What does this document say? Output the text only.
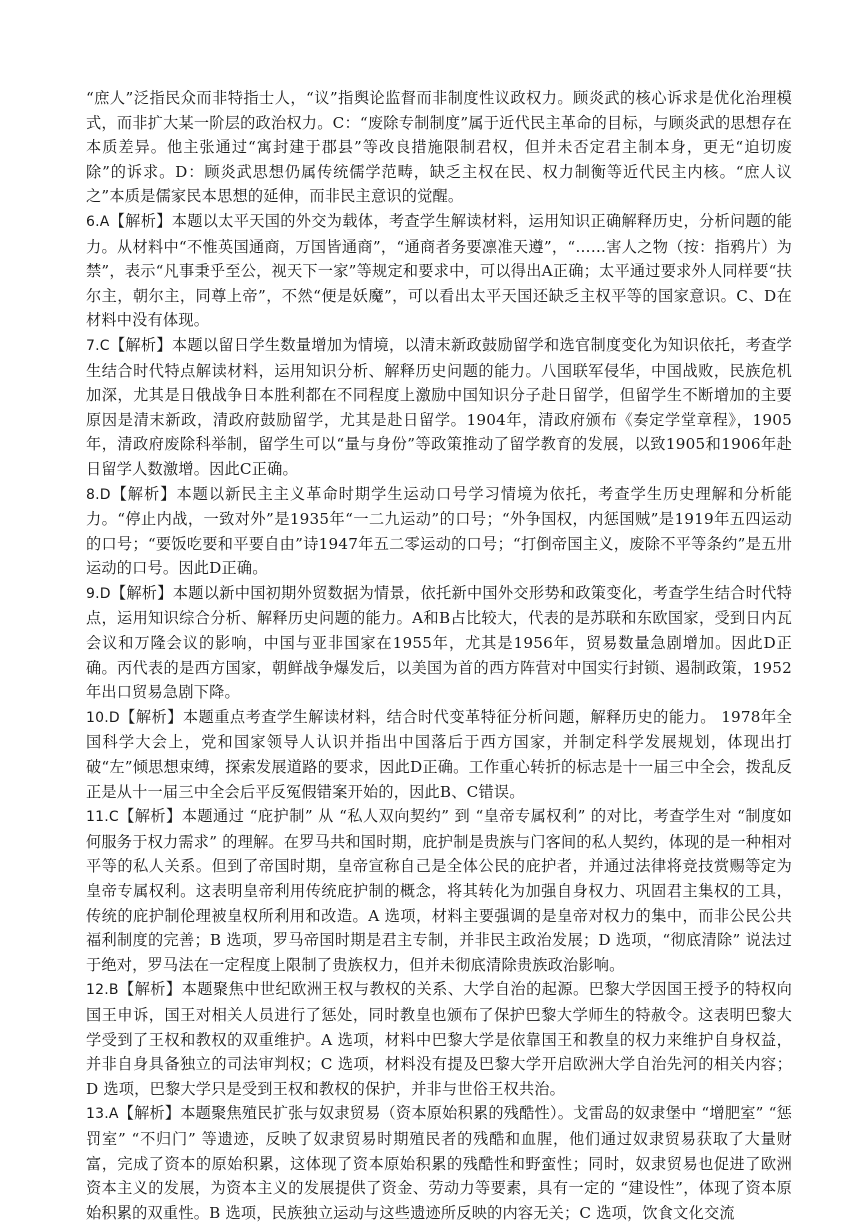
“庶人”泛指民众而非特指士人，“议”指舆论监督而非制度性议政权力。顾炎武的核心诉求是优化治理模式，而非扩大某一阶层的政治权力。C：“废除专制制度”属于近代民主革命的目标，与顾炎武的思想存在本质差异。他主张通过“寓封建于郡县”等改良措施限制君权，但并未否定君主制本身，更无“迫切废除”的诉求。D：顾炎武思想仍属传统儒学范畴，缺乏主权在民、权力制衡等近代民主内核。“庶人议之”本质是儒家民本思想的延伸，而非民主意识的觉醒。

6.A【解析】本题以太平天国的外交为载体，考查学生解读材料，运用知识正确解释历史，分析问题的能力。从材料中“不惟英国通商，万国皆通商”，“通商者务要凛准天遵”，“……害人之物（按：指鸦片）为禁”，表示“凡事秉乎至公，视天下一家”等规定和要求中，可以得出A正确；太平通过要求外人同样要“扶尔主，朝尔主，同尊上帝”，不然“便是妖魔”，可以看出太平天国还缺乏主权平等的国家意识。C、D在材料中没有体现。

7.C【解析】本题以留日学生数量增加为情境，以清末新政鼓励留学和选官制度变化为知识依托，考查学生结合时代特点解读材料，运用知识分析、解释历史问题的能力。八国联军侵华，中国战败，民族危机加深，尤其是日俄战争日本胜利都在不同程度上激励中国知识分子赴日留学，但留学生不断增加的主要原因是清末新政，清政府鼓励留学，尤其是赴日留学。1904年，清政府颁布《奏定学堂章程》，1905年，清政府废除科举制，留学生可以“量与身份”等政策推动了留学教育的发展，以致1905和1906年赴日留学人数激增。因此C正确。

8.D【解析】本题以新民主主义革命时期学生运动口号学习情境为依托，考查学生历史理解和分析能力。“停止内战，一致对外”是1935年“一二九运动”的口号；“外争国权，内惩国贼”是1919年五四运动的口号；“要饭吃要和平要自由”诗1947年五二零运动的口号；“打倒帝国主义，废除不平等条约”是五卅运动的口号。因此D正确。

9.D【解析】本题以新中国初期外贸数据为情景，依托新中国外交形势和政策变化，考查学生结合时代特点，运用知识综合分析、解释历史问题的能力。A和B占比较大，代表的是苏联和东欧国家，受到日内瓦会议和万隆会议的影响，中国与亚非国家在1955年，尤其是1956年，贸易数量急剧增加。因此D正确。丙代表的是西方国家，朝鲜战争爆发后，以美国为首的西方阵营对中国实行封锁、遏制政策，1952年出口贸易急剧下降。

10.D【解析】本题重点考查学生解读材料，结合时代变革特征分析问题，解释历史的能力。 1978年全国科学大会上，党和国家领导人认识并指出中国落后于西方国家，并制定科学发展规划，体现出打破“左”倾思想束缚，探索发展道路的要求，因此D正确。工作重心转折的标志是十一届三中全会，拨乱反正是从十一届三中全会后平反冤假错案开始的，因此B、C错误。

11.C【解析】本题通过 “庇护制” 从 “私人双向契约” 到 “皇帝专属权利” 的对比，考查学生对 “制度如何服务于权力需求” 的理解。在罗马共和国时期，庇护制是贵族与门客间的私人契约，体现的是一种相对平等的私人关系。但到了帝国时期，皇帝宣称自己是全体公民的庇护者，并通过法律将竞技赏赐等定为皇帝专属权利。这表明皇帝利用传统庇护制的概念，将其转化为加强自身权力、巩固君主集权的工具，传统的庇护制伦理被皇权所利用和改造。A 选项，材料主要强调的是皇帝对权力的集中，而非公民公共福利制度的完善；B 选项，罗马帝国时期是君主专制，并非民主政治发展；D 选项，“彻底清除” 说法过于绝对，罗马法在一定程度上限制了贵族权力，但并未彻底清除贵族政治影响。

12.B【解析】本题聚焦中世纪欧洲王权与教权的关系、大学自治的起源。巴黎大学因国王授予的特权向国王申诉，国王对相关人员进行了惩处，同时教皇也颁布了保护巴黎大学师生的特赦令。这表明巴黎大学受到了王权和教权的双重维护。A 选项，材料中巴黎大学是依靠国王和教皇的权力来维护自身权益，并非自身具备独立的司法审判权；C 选项，材料没有提及巴黎大学开启欧洲大学自治先河的相关内容；D 选项，巴黎大学只是受到王权和教权的保护，并非与世俗王权共治。

13.A【解析】本题聚焦殖民扩张与奴隶贸易（资本原始积累的残酷性）。戈雷岛的奴隶堡中 “增肥室” “惩罚室” “不归门” 等遗迹，反映了奴隶贸易时期殖民者的残酷和血腥，他们通过奴隶贸易获取了大量财富，完成了资本的原始积累，这体现了资本原始积累的残酷性和野蛮性；同时，奴隶贸易也促进了欧洲资本主义的发展，为资本主义的发展提供了资金、劳动力等要素，具有一定的 “建设性”，体现了资本原始积累的双重性。B 选项，民族独立运动与这些遗迹所反映的内容无关；C 选项，饮食文化交流
